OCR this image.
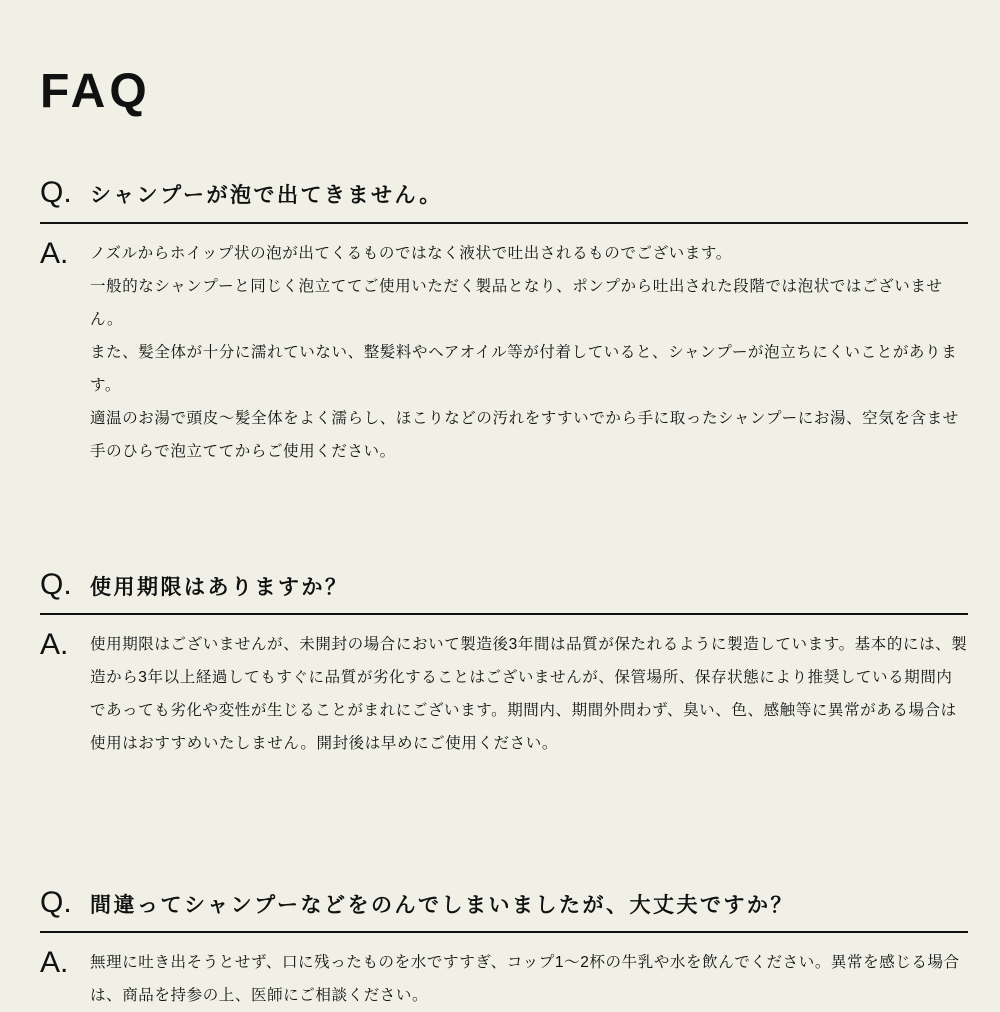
FAQ
Q. シャンプーが泡で出てきません。
A.	ノズルからホイップ状の泡が出てくるものではなく液状で吐出されるものでございます。
一般的なシャンプーと同じく泡立ててご使用いただく製品となり、ポンプから吐出された段階では泡状ではございません。
また、髪全体が十分に濡れていない、整髪料やヘアオイル等が付着していると、シャンプーが泡立ちにくいことがあります。
適温のお湯で頭皮～髪全体をよく濡らし、ほこりなどの汚れをすすいでから手に取ったシャンプーにお湯、空気を含ませ手のひらで泡立ててからご使用ください。
Q. 使用期限はありますか？
A.	使用期限はございませんが、未開封の場合において製造後3年間は品質が保たれるように製造しています。基本的には、製造から3年以上経過してもすぐに品質が劣化することはございませんが、保管場所、保存状態により推奨している期間内であっても劣化や変性が生じることがまれにございます。期間内、期間外問わず、臭い、色、感触等に異常がある場合は使用はおすすめいたしません。開封後は早めにご使用ください。
Q. 間違ってシャンプーなどをのんでしまいましたが、大丈夫ですか？
A.	無理に吐き出そうとせず、口に残ったものを水ですすぎ、コップ1～2杯の牛乳や水を飲んでください。異常を感じる場合は、商品を持参の上、医師にご相談ください。
